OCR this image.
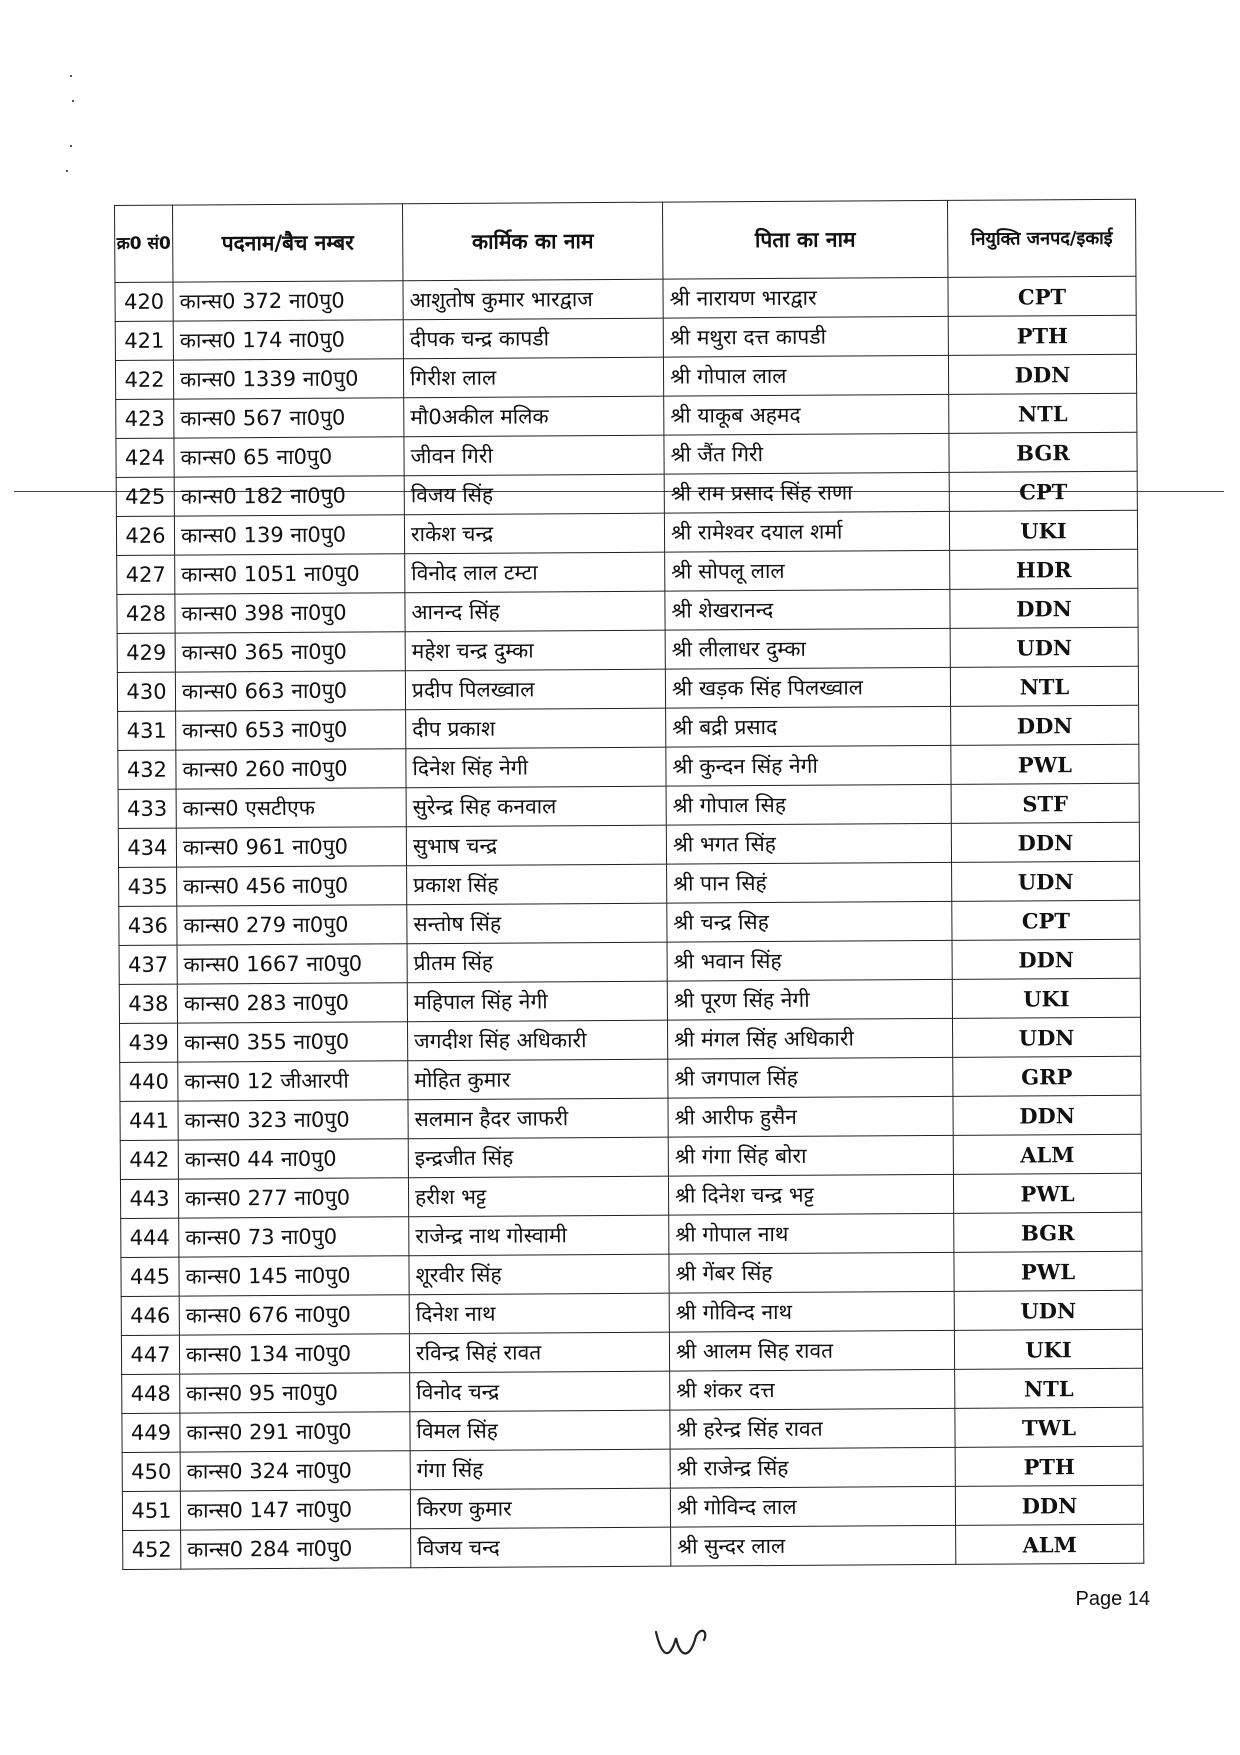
क्र0 सं0	पदनाम/बैच नम्बर	कार्मिक का नाम	पिता का नाम	नियुक्ति जनपद/इकाई
420	कान्स0 372 ना0पु0	आशुतोष कुमार भारद्वाज	श्री नारायण भारद्वार	CPT
421	कान्स0 174 ना0पु0	दीपक चन्द्र कापडी	श्री मथुरा दत्त कापडी	PTH
422	कान्स0 1339 ना0पु0	गिरीश लाल	श्री गोपाल लाल	DDN
423	कान्स0 567 ना0पु0	मौ0अकील मलिक	श्री याकूब अहमद	NTL
424	कान्स0 65 ना0पु0	जीवन गिरी	श्री जैंत गिरी	BGR
425	कान्स0 182 ना0पु0	विजय सिंह	श्री राम प्रसाद सिंह राणा	CPT
426	कान्स0 139 ना0पु0	राकेश चन्द्र	श्री रामेश्वर दयाल शर्मा	UKI
427	कान्स0 1051 ना0पु0	विनोद लाल टम्टा	श्री सोपलू लाल	HDR
428	कान्स0 398 ना0पु0	आनन्द सिंह	श्री शेखरानन्द	DDN
429	कान्स0 365 ना0पु0	महेश चन्द्र दुम्का	श्री लीलाधर दुम्का	UDN
430	कान्स0 663 ना0पु0	प्रदीप पिलख्वाल	श्री खड़क सिंह पिलख्वाल	NTL
431	कान्स0 653 ना0पु0	दीप प्रकाश	श्री बद्री प्रसाद	DDN
432	कान्स0 260 ना0पु0	दिनेश सिंह नेगी	श्री कुन्दन सिंह नेगी	PWL
433	कान्स0 एसटीएफ	सुरेन्द्र सिह कनवाल	श्री गोपाल सिह	STF
434	कान्स0 961 ना0पु0	सुभाष चन्द्र	श्री भगत सिंह	DDN
435	कान्स0 456 ना0पु0	प्रकाश सिंह	श्री पान सिहं	UDN
436	कान्स0 279 ना0पु0	सन्तोष सिंह	श्री चन्द्र सिह	CPT
437	कान्स0 1667 ना0पु0	प्रीतम सिंह	श्री भवान सिंह	DDN
438	कान्स0 283 ना0पु0	महिपाल सिंह नेगी	श्री पूरण सिंह नेगी	UKI
439	कान्स0 355 ना0पु0	जगदीश सिंह अधिकारी	श्री मंगल सिंह अधिकारी	UDN
440	कान्स0 12 जीआरपी	मोहित कुमार	श्री जगपाल सिंह	GRP
441	कान्स0 323 ना0पु0	सलमान हैदर जाफरी	श्री आरीफ हुसैन	DDN
442	कान्स0 44 ना0पु0	इन्द्रजीत सिंह	श्री गंगा सिंह बोरा	ALM
443	कान्स0 277 ना0पु0	हरीश भट्ट	श्री दिनेश चन्द्र भट्ट	PWL
444	कान्स0 73 ना0पु0	राजेन्द्र नाथ गोस्वामी	श्री गोपाल नाथ	BGR
445	कान्स0 145 ना0पु0	शूरवीर सिंह	श्री गेंबर सिंह	PWL
446	कान्स0 676 ना0पु0	दिनेश नाथ	श्री गोविन्द नाथ	UDN
447	कान्स0 134 ना0पु0	रविन्द्र सिहं रावत	श्री आलम सिह रावत	UKI
448	कान्स0 95 ना0पु0	विनोद चन्द्र	श्री शंकर दत्त	NTL
449	कान्स0 291 ना0पु0	विमल सिंह	श्री हरेन्द्र सिंह रावत	TWL
450	कान्स0 324 ना0पु0	गंगा सिंह	श्री राजेन्द्र सिंह	PTH
451	कान्स0 147 ना0पु0	किरण कुमार	श्री गोविन्द लाल	DDN
452	कान्स0 284 ना0पु0	विजय चन्द	श्री सुन्दर लाल	ALM
Page 14
